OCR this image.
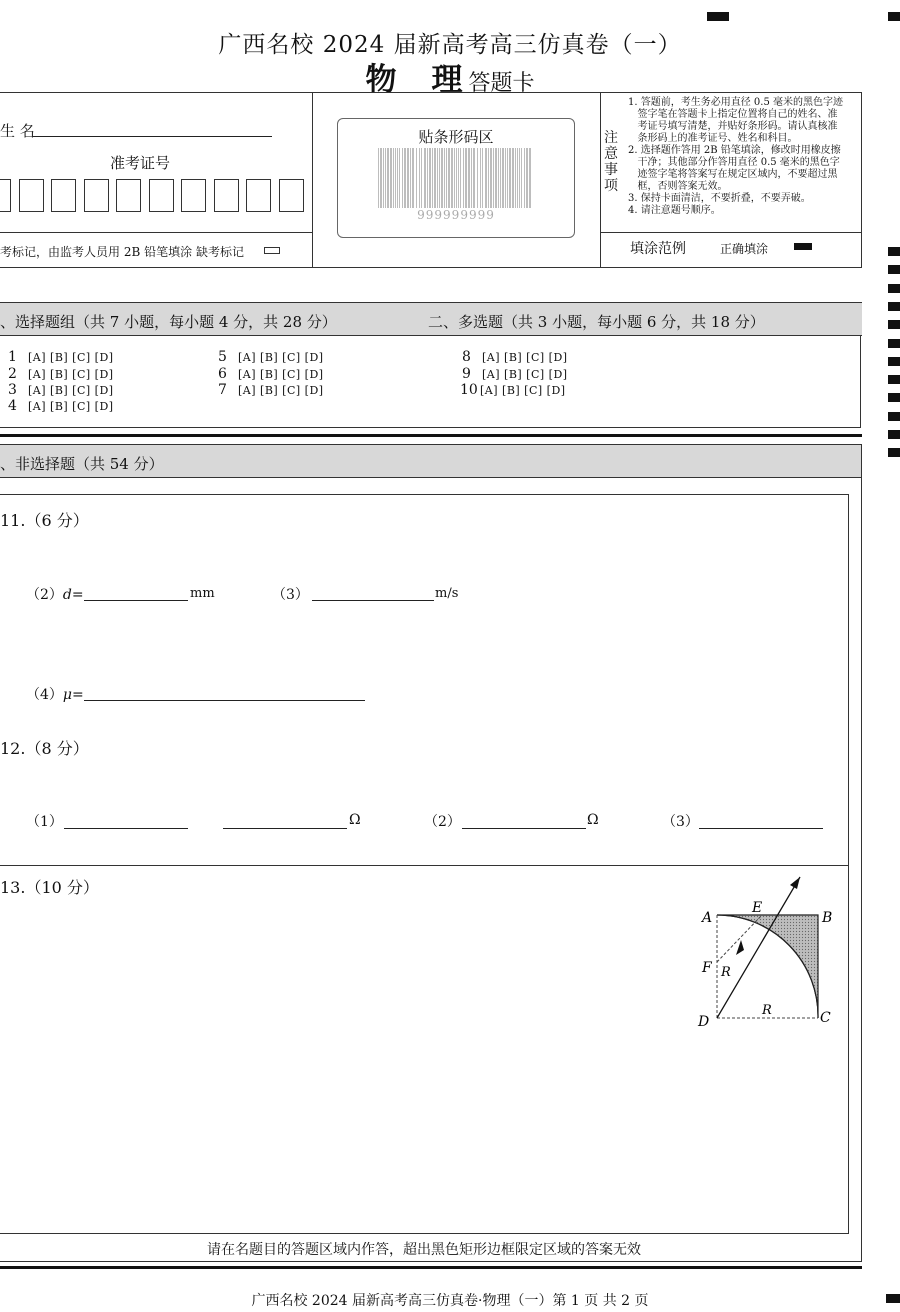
广西名校 2024 届新高考高三仿真卷（一）
物　理 答题卡
生 名
准考证号
考标记，由监考人员用 2B 铅笔填涂 缺考标记
贴条形码区
999999999
注意事项
1. 答题前，考生务必用直径 0.5 毫米的黑色字迹
签字笔在答题卡上指定位置将自己的姓名、准
考证号填写清楚，并贴好条形码。请认真核准
条形码上的准考证号、姓名和科目。
2. 选择题作答用 2B 铅笔填涂，修改时用橡皮擦
干净；其他部分作答用直径 0.5 毫米的黑色字
迹签字笔将答案写在规定区域内，不要超过黑
框，否则答案无效。
3. 保持卡面清洁，不要折叠，不要弄破。
4. 请注意题号顺序。
填涂范例	正确填涂
、选择题组（共 7 小题，每小题 4 分，共 28 分）	二、多选题（共 3 小题，每小题 6 分，共 18 分）
1	[A] [B] [C] [D]
2	[A] [B] [C] [D]
3	[A] [B] [C] [D]
4	[A] [B] [C] [D]
5	[A] [B] [C] [D]
6	[A] [B] [C] [D]
7	[A] [B] [C] [D]
8	[A] [B] [C] [D]
9	[A] [B] [C] [D]
10 [A] [B] [C] [D]
、非选择题（共 54 分）
11.（6 分）
（2）d=	mm	（3）	m/s
（4）μ=
12.（8 分）
（1）	Ω	（2）	Ω	（3）
13.（10 分）
A	B
C
D
E
F R
R
请在名题目的答题区域内作答，超出黑色矩形边框限定区域的答案无效
广西名校 2024 届新高考高三仿真卷·物理（一）第 1 页 共 2 页
